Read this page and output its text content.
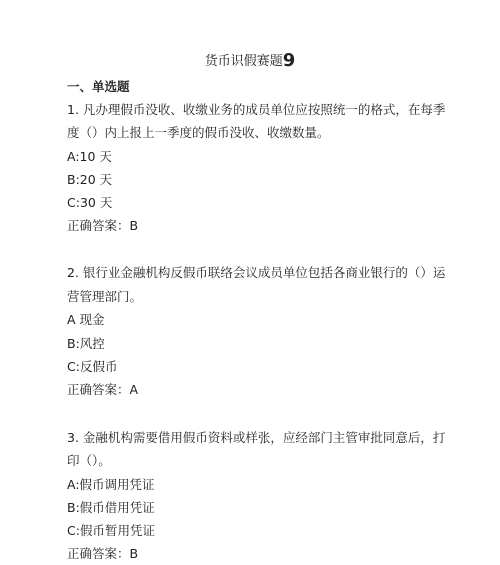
货币识假赛题9
一、单选题
1. 凡办理假币没收、收缴业务的成员单位应按照统一的格式，在每季
度（）内上报上一季度的假币没收、收缴数量。
A:10 天
B:20 天
C:30 天
正确答案：B
2. 银行业金融机构反假币联络会议成员单位包括各商业银行的（）运
营管理部门。
A 现金
B:风控
C:反假币
正确答案：A
3. 金融机构需要借用假币资料或样张，应经部门主管审批同意后，打
印（）。
A:假币调用凭证
B:假币借用凭证
C:假币暂用凭证
正确答案：B
